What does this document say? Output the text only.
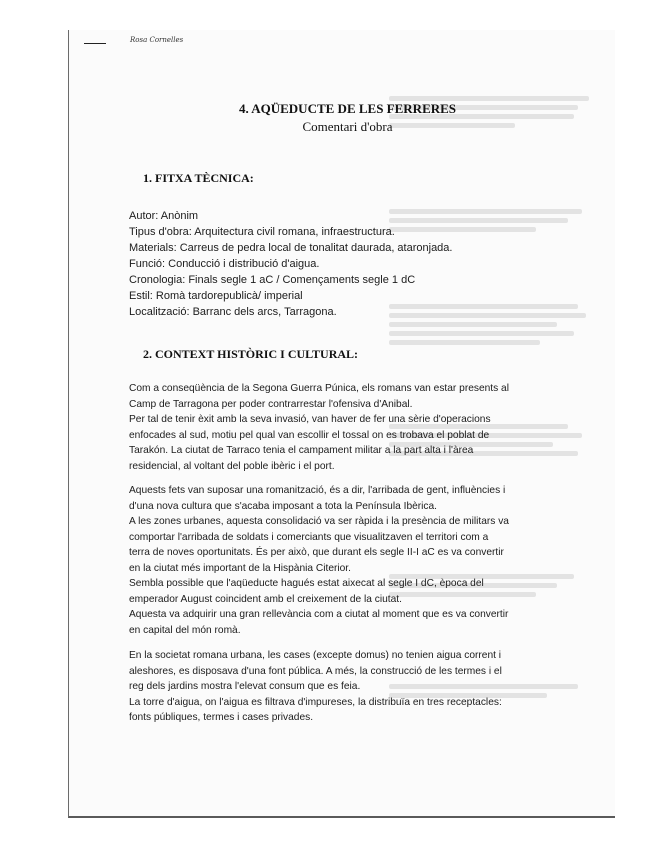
Rosa Cornelles
4. AQÜEDUCTE DE LES FERRERES
Comentari d'obra
1. FITXA TÈCNICA:
Autor: Anònim
Tipus d'obra: Arquitectura civil romana, infraestructura.
Materials: Carreus de pedra local de tonalitat daurada, ataronjada.
Funció: Conducció i distribució d'aigua.
Cronologia: Finals segle 1 aC / Començaments segle 1 dC
Estil: Romà tardorepublicà/ imperial
Localització: Barranc dels arcs, Tarragona.
2. CONTEXT HISTÒRIC I CULTURAL:
Com a conseqüència de la Segona Guerra Púnica, els romans van estar presents al
Camp de Tarragona per poder contrarrestar l'ofensiva d'Anibal.
Per tal de tenir èxit amb la seva invasió, van haver de fer una sèrie d'operacions
enfocades al sud, motiu pel qual van escollir el tossal on es trobava el poblat de
Tarakón. La ciutat de Tarraco tenia el campament militar a la part alta i l'àrea
residencial, al voltant del poble ibèric i el port.
Aquests fets van suposar una romanització, és a dir, l'arribada de gent, influències i
d'una nova cultura que s'acaba imposant a tota la Península Ibèrica.
A les zones urbanes, aquesta consolidació va ser ràpida i la presència de militars va
comportar l'arribada de soldats i comerciants que visualitzaven el territori com a
terra de noves oportunitats. És per això, que durant els segle II-I aC es va convertir
en la ciutat més important de la Hispània Citerior.
Sembla possible que l'aqüeducte hagués estat aixecat al segle I dC, època del
emperador August coincident amb el creixement de la ciutat.
Aquesta va adquirir una gran rellevància com a ciutat al moment que es va convertir
en capital del món romà.
En la societat romana urbana, les cases (excepte domus) no tenien aigua corrent i
aleshores, es disposava d'una font pública. A més, la construcció de les termes i el
reg dels jardins mostra l'elevat consum que es feia.
La torre d'aigua, on l'aigua es filtrava d'impureses, la distribuïa en tres receptacles:
fonts públiques, termes i cases privades.
